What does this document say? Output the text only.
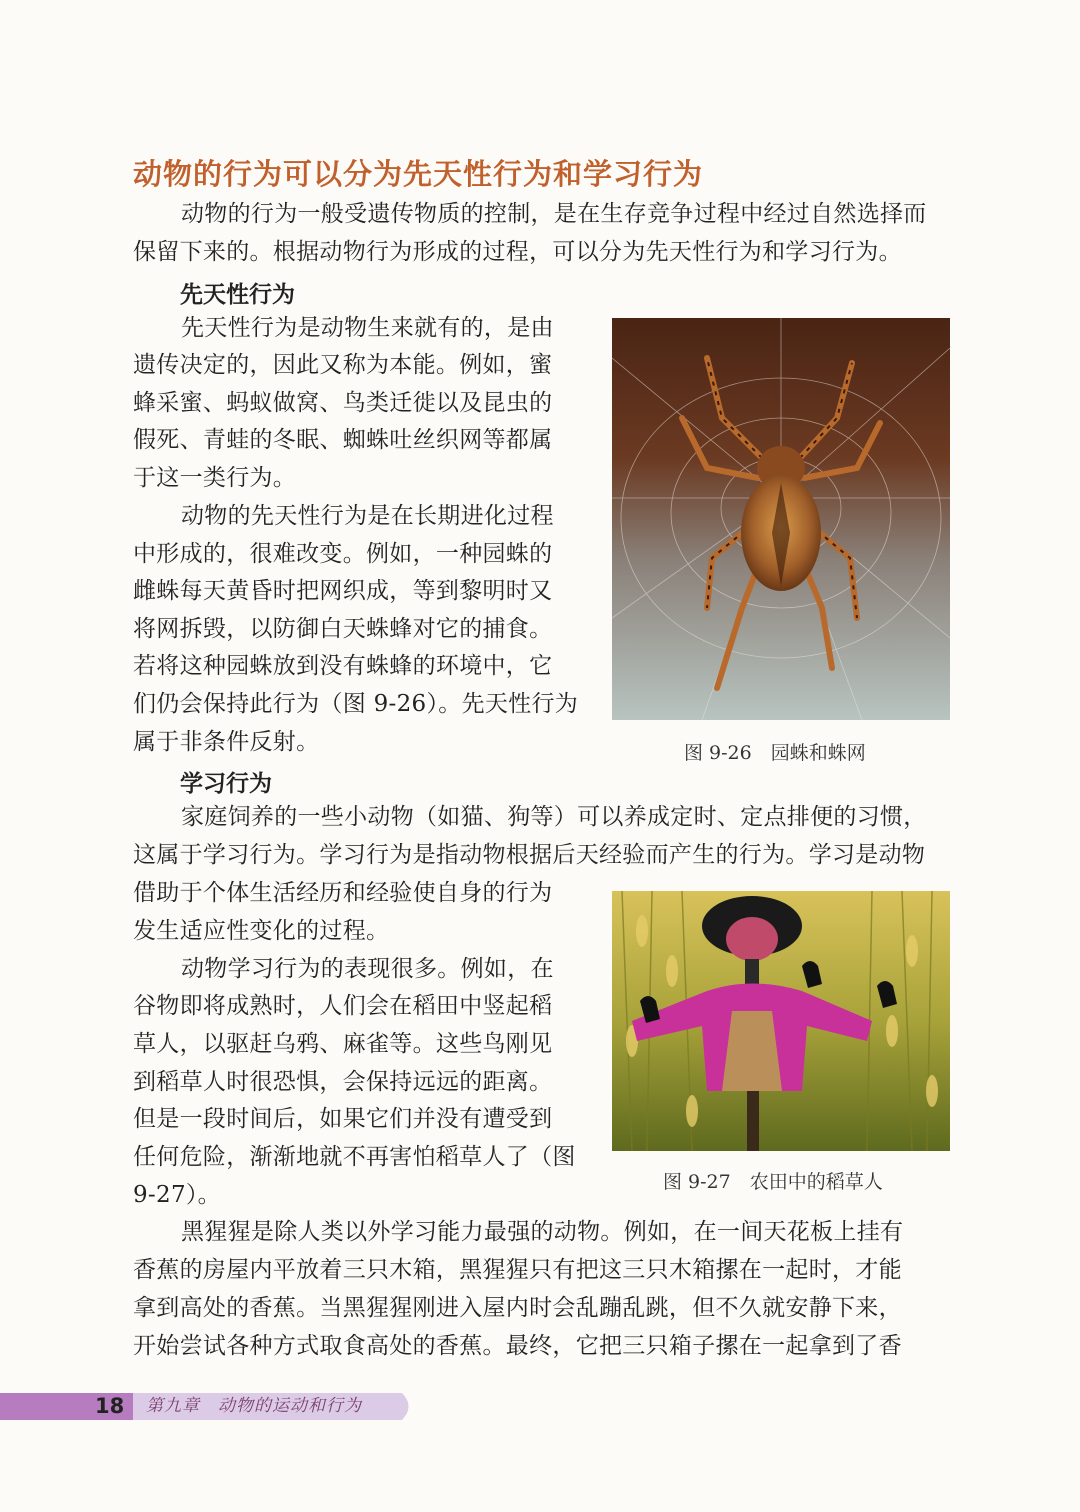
动物的行为可以分为先天性行为和学习行为
动物的行为一般受遗传物质的控制，是在生存竞争过程中经过自然选择而
保留下来的。根据动物行为形成的过程，可以分为先天性行为和学习行为。
先天性行为
先天性行为是动物生来就有的，是由
遗传决定的，因此又称为本能。例如，蜜
蜂采蜜、蚂蚁做窝、鸟类迁徙以及昆虫的
假死、青蛙的冬眠、蜘蛛吐丝织网等都属
于这一类行为。
动物的先天性行为是在长期进化过程
中形成的，很难改变。例如，一种园蛛的
雌蛛每天黄昏时把网织成，等到黎明时又
将网拆毁，以防御白天蛛蜂对它的捕食。
若将这种园蛛放到没有蛛蜂的环境中，它
们仍会保持此行为（图 9-26）。先天性行为
属于非条件反射。	图 9-26　园蛛和蛛网
学习行为
家庭饲养的一些小动物（如猫、狗等）可以养成定时、定点排便的习惯，
这属于学习行为。学习行为是指动物根据后天经验而产生的行为。学习是动物
借助于个体生活经历和经验使自身的行为
发生适应性变化的过程。
动物学习行为的表现很多。例如，在
谷物即将成熟时，人们会在稻田中竖起稻
草人，以驱赶乌鸦、麻雀等。这些鸟刚见
到稻草人时很恐惧，会保持远远的距离。
但是一段时间后，如果它们并没有遭受到
任何危险，渐渐地就不再害怕稻草人了（图
9-27）。	图 9-27　农田中的稻草人
黑猩猩是除人类以外学习能力最强的动物。例如，在一间天花板上挂有
香蕉的房屋内平放着三只木箱，黑猩猩只有把这三只木箱摞在一起时，才能
拿到高处的香蕉。当黑猩猩刚进入屋内时会乱蹦乱跳，但不久就安静下来，
开始尝试各种方式取食高处的香蕉。最终，它把三只箱子摞在一起拿到了香
18	第九章　动物的运动和行为
